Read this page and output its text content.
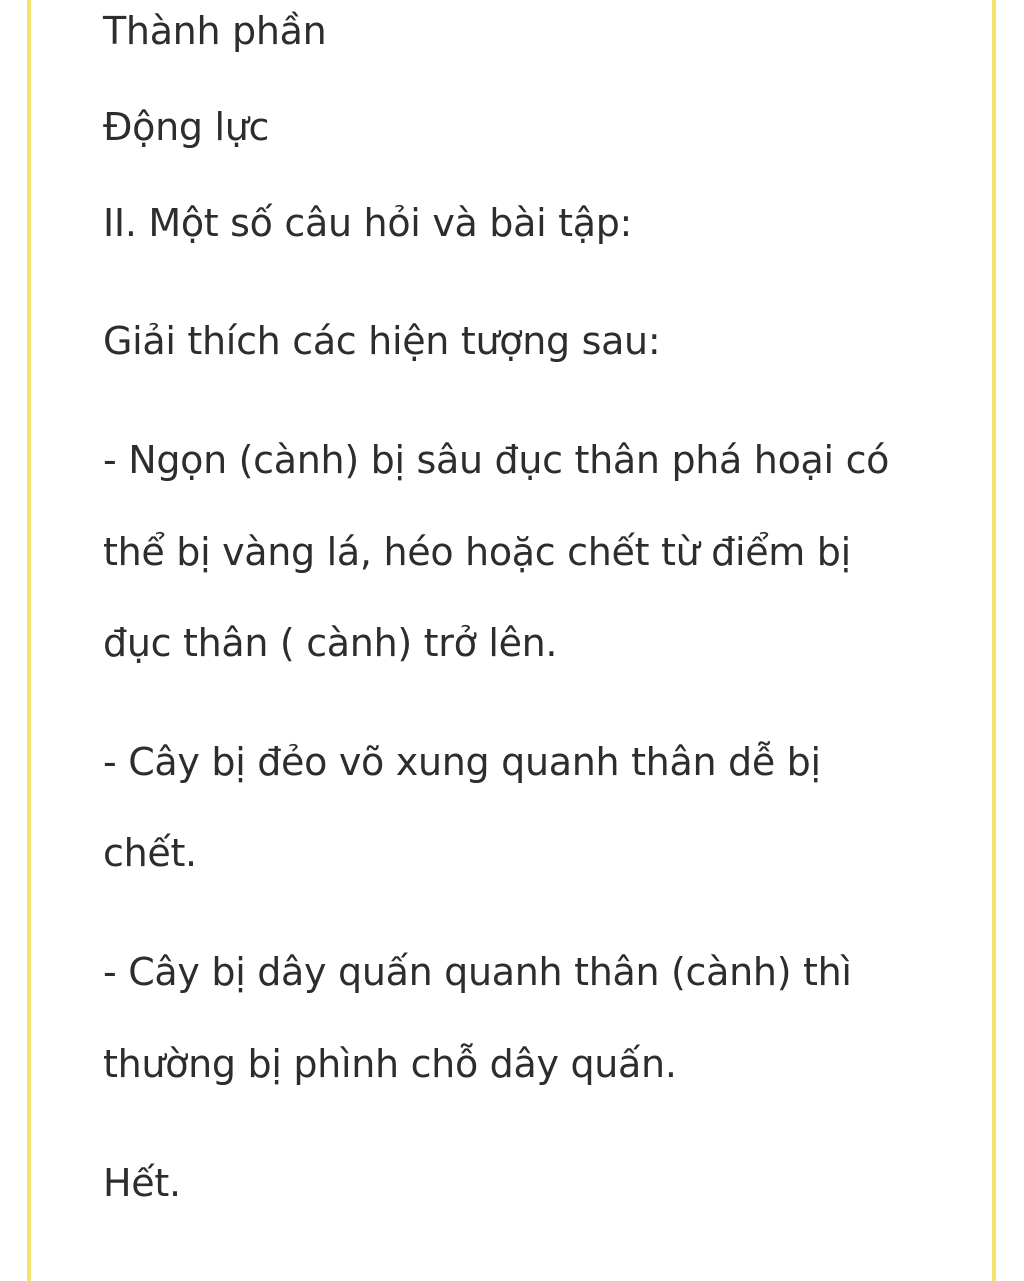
Thành phần
Động lực
II. Một số câu hỏi và bài tập:
Giải thích các hiện tượng sau:
- Ngọn (cành) bị sâu đục thân phá hoại có
thể bị vàng lá, héo hoặc chết từ điểm bị
đục thân ( cành) trở lên.
- Cây bị đẻo võ xung quanh thân dễ bị
chết.
- Cây bị dây quấn quanh thân (cành) thì
thường bị phình chỗ dây quấn.
Hết.
